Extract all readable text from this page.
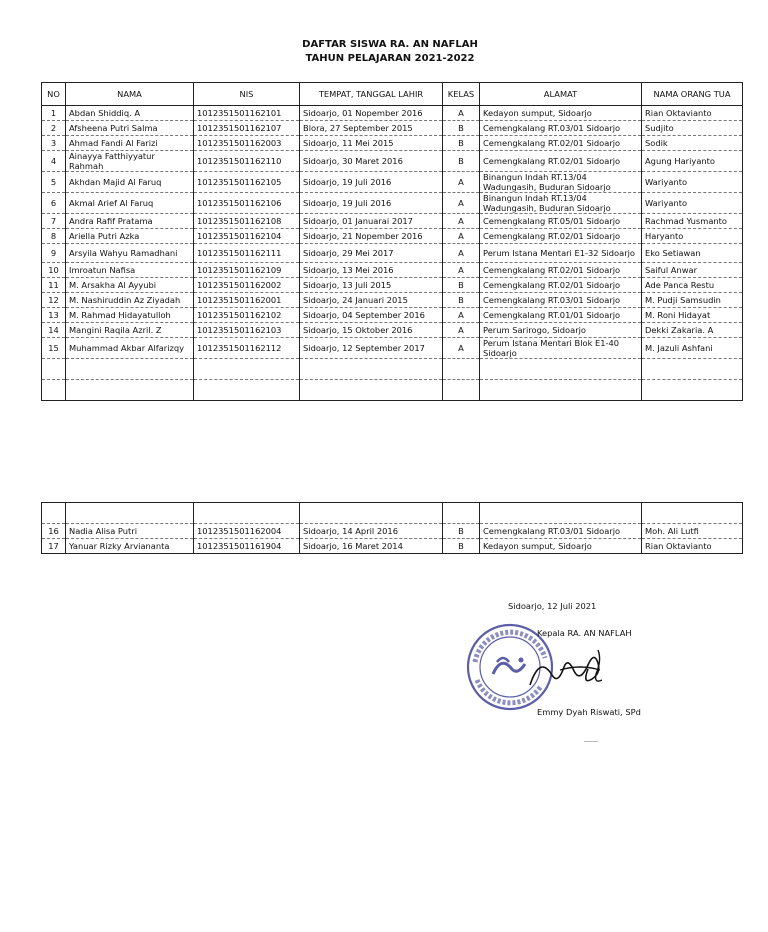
DAFTAR SISWA RA. AN NAFLAH
TAHUN PELAJARAN 2021-2022
NO	NAMA	NIS	TEMPAT, TANGGAL LAHIR	KELAS	ALAMAT	NAMA ORANG TUA
1	Abdan Shiddiq. A	1012351501162101	Sidoarjo, 01 Nopember 2016	A	Kedayon sumput, Sidoarjo	Rian Oktavianto
2	Afsheena Putri Salma	1012351501162107	Blora, 27 September 2015	B	Cemengkalang RT.03/01 Sidoarjo	Sudjito
3	Ahmad Fandi Al Farizi	1012351501162003	Sidoarjo, 11 Mei 2015	B	Cemengkalang RT.02/01 Sidoarjo	Sodik
4	Ainayya Fatthiyyatur Rahmah	1012351501162110	Sidoarjo, 30 Maret 2016	B	Cemengkalang RT.02/01 Sidoarjo	Agung Hariyanto
5	Akhdan Majid Al Faruq	1012351501162105	Sidoarjo, 19 Juli 2016	A	Binangun Indah RT.13/04 Wadungasih, Buduran Sidoarjo	Wariyanto
6	Akmal Arief Al Faruq	1012351501162106	Sidoarjo, 19 Juli 2016	A	Binangun Indah RT.13/04 Wadungasih, Buduran Sidoarjo	Wariyanto
7	Andra Rafif Pratama	1012351501162108	Sidoarjo, 01 Januarai 2017	A	Cemengkalang RT.05/01 Sidoarjo	Rachmad Yusmanto
8	Ariella Putri Azka	1012351501162104	Sidoarjo, 21 Nopember 2016	A	Cemengkalang RT.02/01 Sidoarjo	Haryanto
9	Arsyila Wahyu Ramadhani	1012351501162111	Sidoarjo, 29 Mei 2017	A	Perum Istana Mentari E1-32 Sidoarjo	Eko Setiawan
10	Imroatun Nafisa	1012351501162109	Sidoarjo, 13 Mei 2016	A	Cemengkalang RT.02/01 Sidoarjo	Saiful Anwar
11	M. Arsakha Al Ayyubi	1012351501162002	Sidoarjo, 13 Juli 2015	B	Cemengkalang RT.02/01 Sidoarjo	Ade Panca Restu
12	M. Nashiruddin Az Ziyadah	1012351501162001	Sidoarjo, 24 Januari 2015	B	Cemengkalang RT.03/01 Sidoarjo	M. Pudji Samsudin
13	M. Rahmad Hidayatulloh	1012351501162102	Sidoarjo, 04 September 2016	A	Cemengkalang RT.01/01 Sidoarjo	M. Roni Hidayat
14	Mangini Raqila Azril. Z	1012351501162103	Sidoarjo, 15 Oktober 2016	A	Perum Sarirogo, Sidoarjo	Dekki Zakaria. A
15	Muhammad Akbar Alfarizqy	1012351501162112	Sidoarjo, 12 September 2017	A	Perum Istana Mentari Blok E1-40 Sidoarjo	M. Jazuli Ashfani

16	Nadia Alisa Putri	1012351501162004	Sidoarjo, 14 April 2016	B	Cemengkalang RT.03/01 Sidoarjo	Moh. Ali Lutfi
17	Yanuar Rizky Arviananta	1012351501161904	Sidoarjo, 16 Maret 2014	B	Kedayon sumput, Sidoarjo	Rian Oktavianto
Sidoarjo, 12 Juli 2021
Kepala RA. AN NAFLAH
Emmy Dyah Riswati, SPd
